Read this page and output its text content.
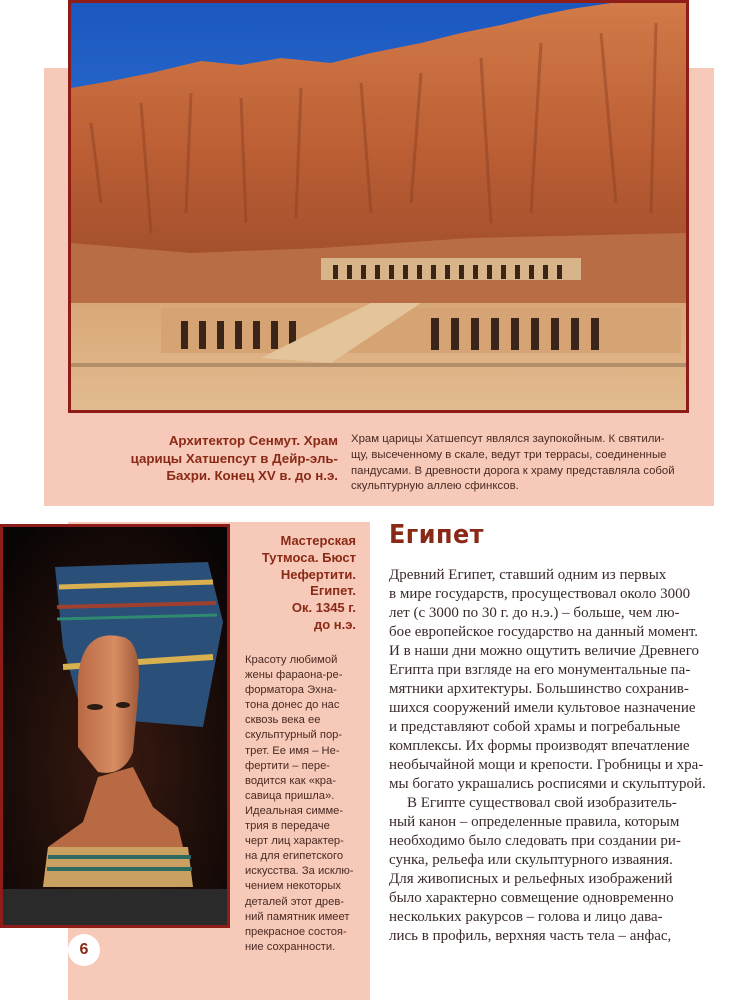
Архитектор Сенмут. Храм
царицы Хатшепсут в Дейр-эль-
Бахри. Конец XV в. до н.э.
Храм царицы Хатшепсут являлся заупокойным. К святили-
щу, высеченному в скале, ведут три террасы, соединенные
пандусами. В древности дорога к храму представляла собой
скульптурную аллею сфинксов.
Мастерская
Тутмоса. Бюст
Нефертити.
Египет.
Ок. 1345 г.
до н.э.
Красоту любимой
жены фараона-ре-
форматора Эхна-
тона донес до нас
сквозь века ее
скульптурный пор-
трет. Ее имя – Не-
фертити – пере-
водится как «кра-
савица пришла».
Идеальная симме-
трия в передаче
черт лиц характер-
на для египетского
искусства. За исклю-
чением некоторых
деталей этот древ-
ний памятник имеет
прекрасное состоя-
ние сохранности.
6
Египет
Древний Египет, ставший одним из первых
в мире государств, просуществовал около 3000
лет (с 3000 по 30 г. до н.э.) – больше, чем лю-
бое европейское государство на данный момент.
И в наши дни можно ощутить величие Древнего
Египта при взгляде на его монументальные па-
мятники архитектуры. Большинство сохранив-
шихся сооружений имели культовое назначение
и представляют собой храмы и погребальные
комплексы. Их формы производят впечатление
необычайной мощи и крепости. Гробницы и хра-
мы богато украшались росписями и скульптурой.
В Египте существовал свой изобразитель-
ный канон – определенные правила, которым
необходимо было следовать при создании ри-
сунка, рельефа или скульптурного изваяния.
Для живописных и рельефных изображений
было характерно совмещение одновременно
нескольких ракурсов – голова и лицо дава-
лись в профиль, верхняя часть тела – анфас,
